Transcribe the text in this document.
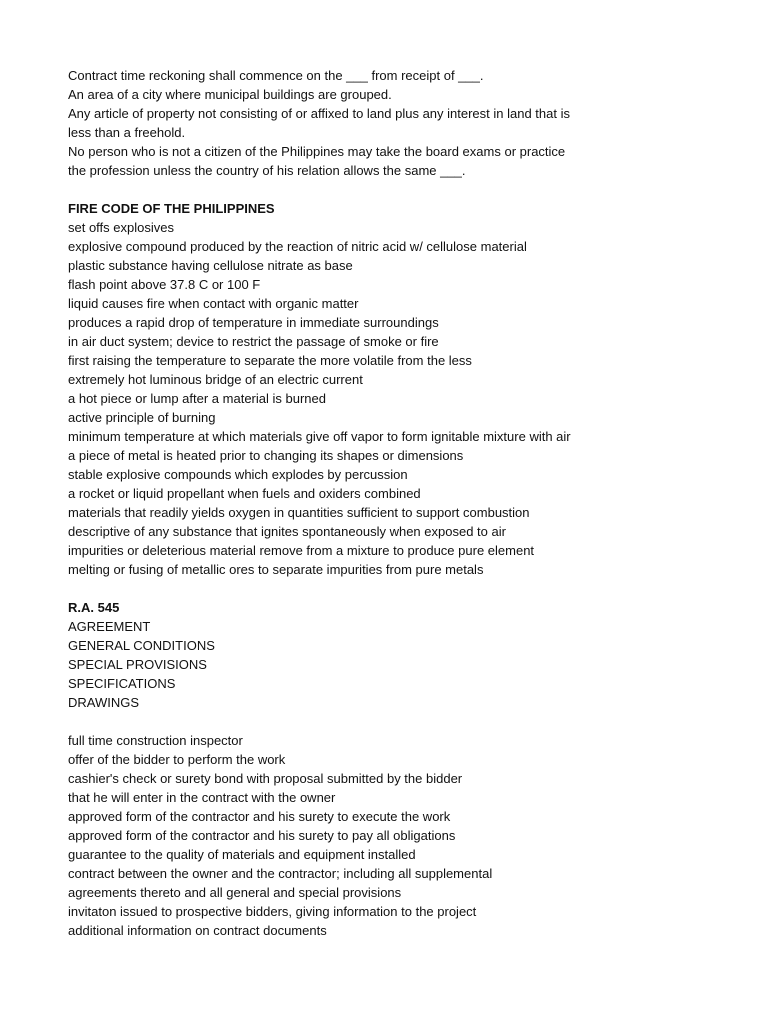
Contract time reckoning shall commence on the ___ from receipt of ___.
An area of a city where municipal buildings are grouped.
Any article of property not consisting of or affixed to land plus any interest in land that is
less than a freehold.
No person who is not a citizen of the Philippines may take the board exams or practice
the profession unless the country of his relation allows the same ___.
FIRE CODE OF THE PHILIPPINES
set offs explosives
explosive compound produced by the reaction of nitric acid w/ cellulose material
plastic substance having cellulose nitrate as base
flash point above 37.8 C or 100 F
liquid causes fire when contact with organic matter
produces a rapid drop of temperature in immediate surroundings
in air duct system; device to restrict the passage of smoke or fire
first raising the temperature to separate the more volatile from the less
extremely hot luminous bridge of an electric current
a hot piece or lump after a material is burned
active principle of burning
minimum temperature at which materials give off vapor to form ignitable mixture with air
a piece of metal is heated prior to changing its shapes or dimensions
stable explosive compounds which explodes by percussion
a rocket or liquid propellant when fuels and oxiders combined
materials that readily yields oxygen in quantities sufficient to support combustion
descriptive of any substance that ignites spontaneously when exposed to air
impurities or deleterious material remove from a mixture to produce pure element
melting or fusing of metallic ores to separate impurities from pure metals
R.A. 545
AGREEMENT
GENERAL CONDITIONS
SPECIAL PROVISIONS
SPECIFICATIONS
DRAWINGS
full time construction inspector
offer of the bidder to perform the work
cashier's check or surety bond with proposal submitted by the bidder
that he will enter in the contract with the owner
approved form of the contractor and his surety to execute the work
approved form of the contractor and his surety to pay all obligations
guarantee to the quality of materials and equipment installed
contract between the owner and the contractor; including all supplemental
agreements thereto and all general and special provisions
invitaton issued to prospective bidders, giving information to the project
additional information on contract documents
